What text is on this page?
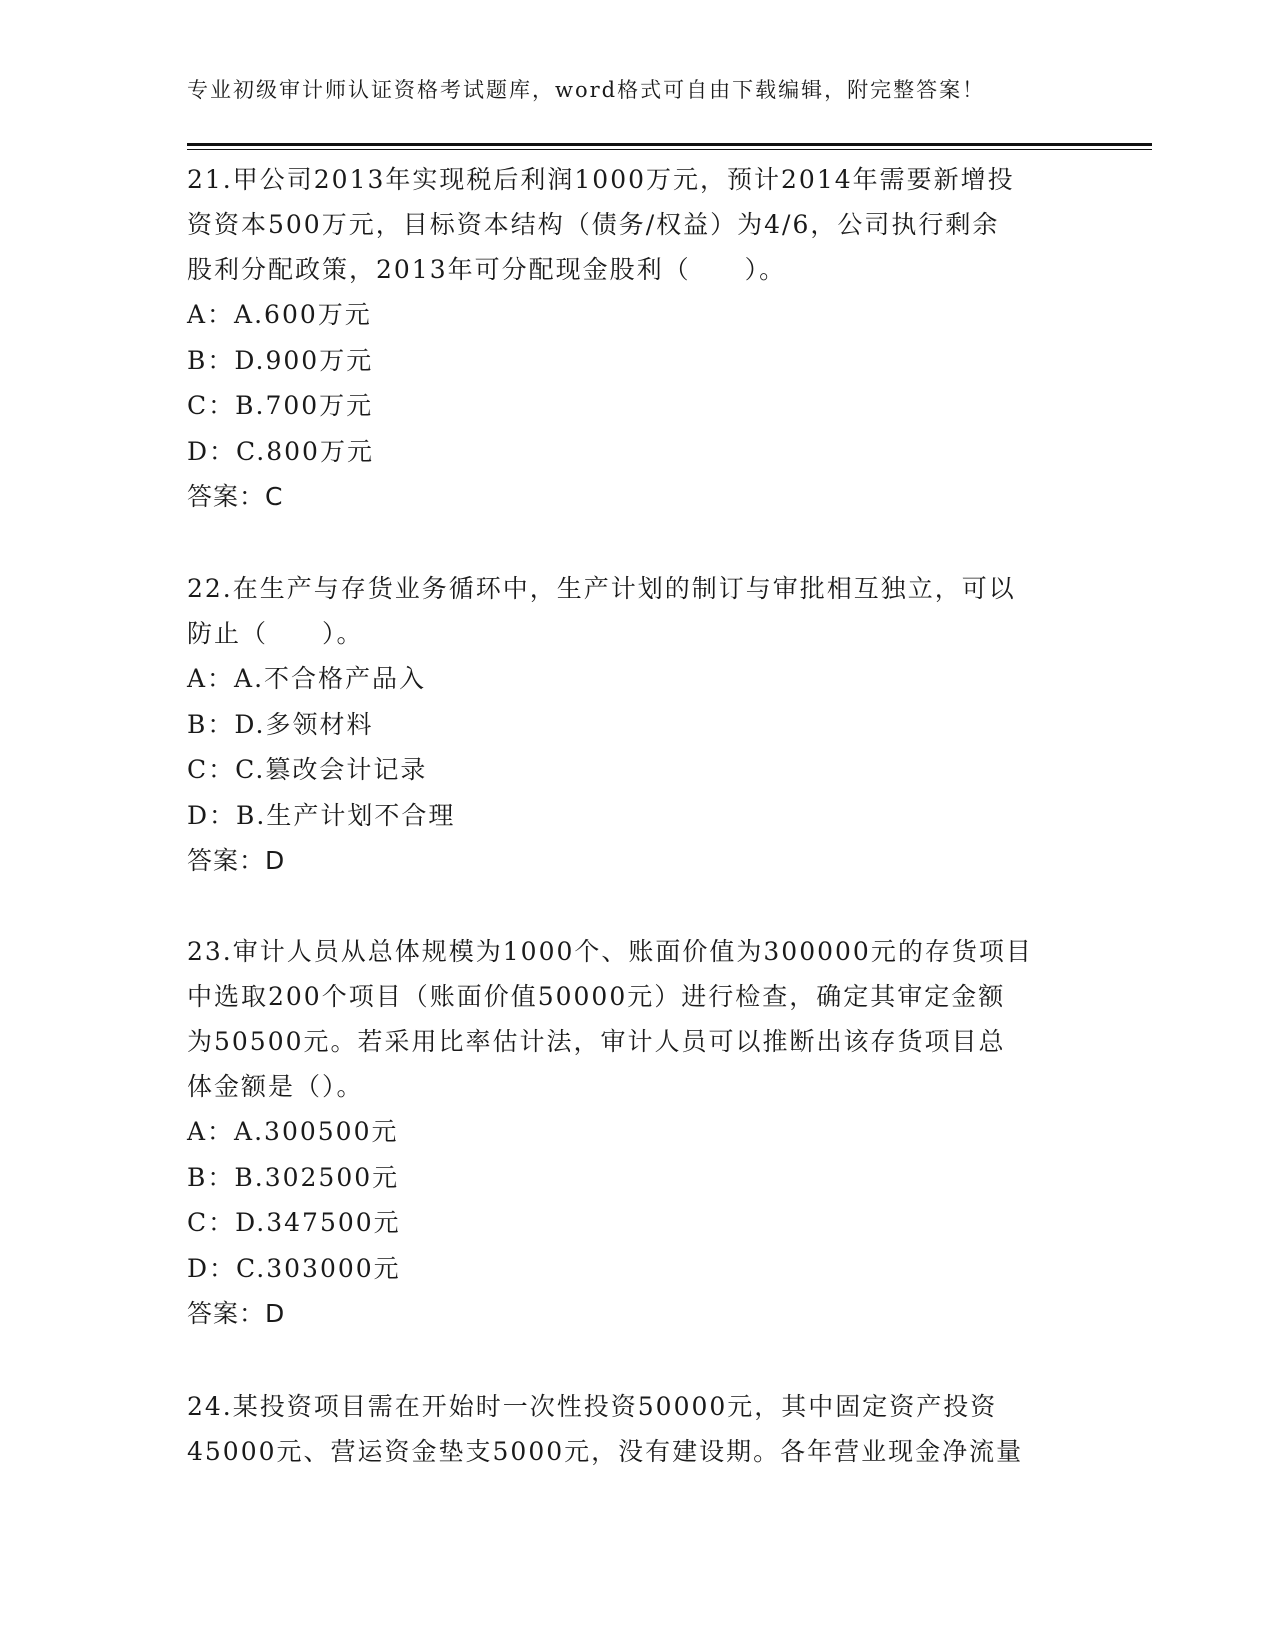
专业初级审计师认证资格考试题库，word格式可自由下载编辑，附完整答案！

21.甲公司2013年实现税后利润1000万元，预计2014年需要新增投

资资本500万元，目标资本结构（债务/权益）为4/6，公司执行剩余

股利分配政策，2013年可分配现金股利（　　）。

A：A.600万元

B：D.900万元

C：B.700万元

D：C.800万元

答案：C

22.在生产与存货业务循环中，生产计划的制订与审批相互独立，可以

防止（　　）。

A：A.不合格产品入

B：D.多领材料

C：C.篡改会计记录

D：B.生产计划不合理

答案：D

23.审计人员从总体规模为1000个、账面价值为300000元的存货项目

中选取200个项目（账面价值50000元）进行检查，确定其审定金额

为50500元。若采用比率估计法，审计人员可以推断出该存货项目总

体金额是（）。

A：A.300500元

B：B.302500元

C：D.347500元

D：C.303000元

答案：D

24.某投资项目需在开始时一次性投资50000元，其中固定资产投资

45000元、营运资金垫支5000元，没有建设期。各年营业现金净流量
